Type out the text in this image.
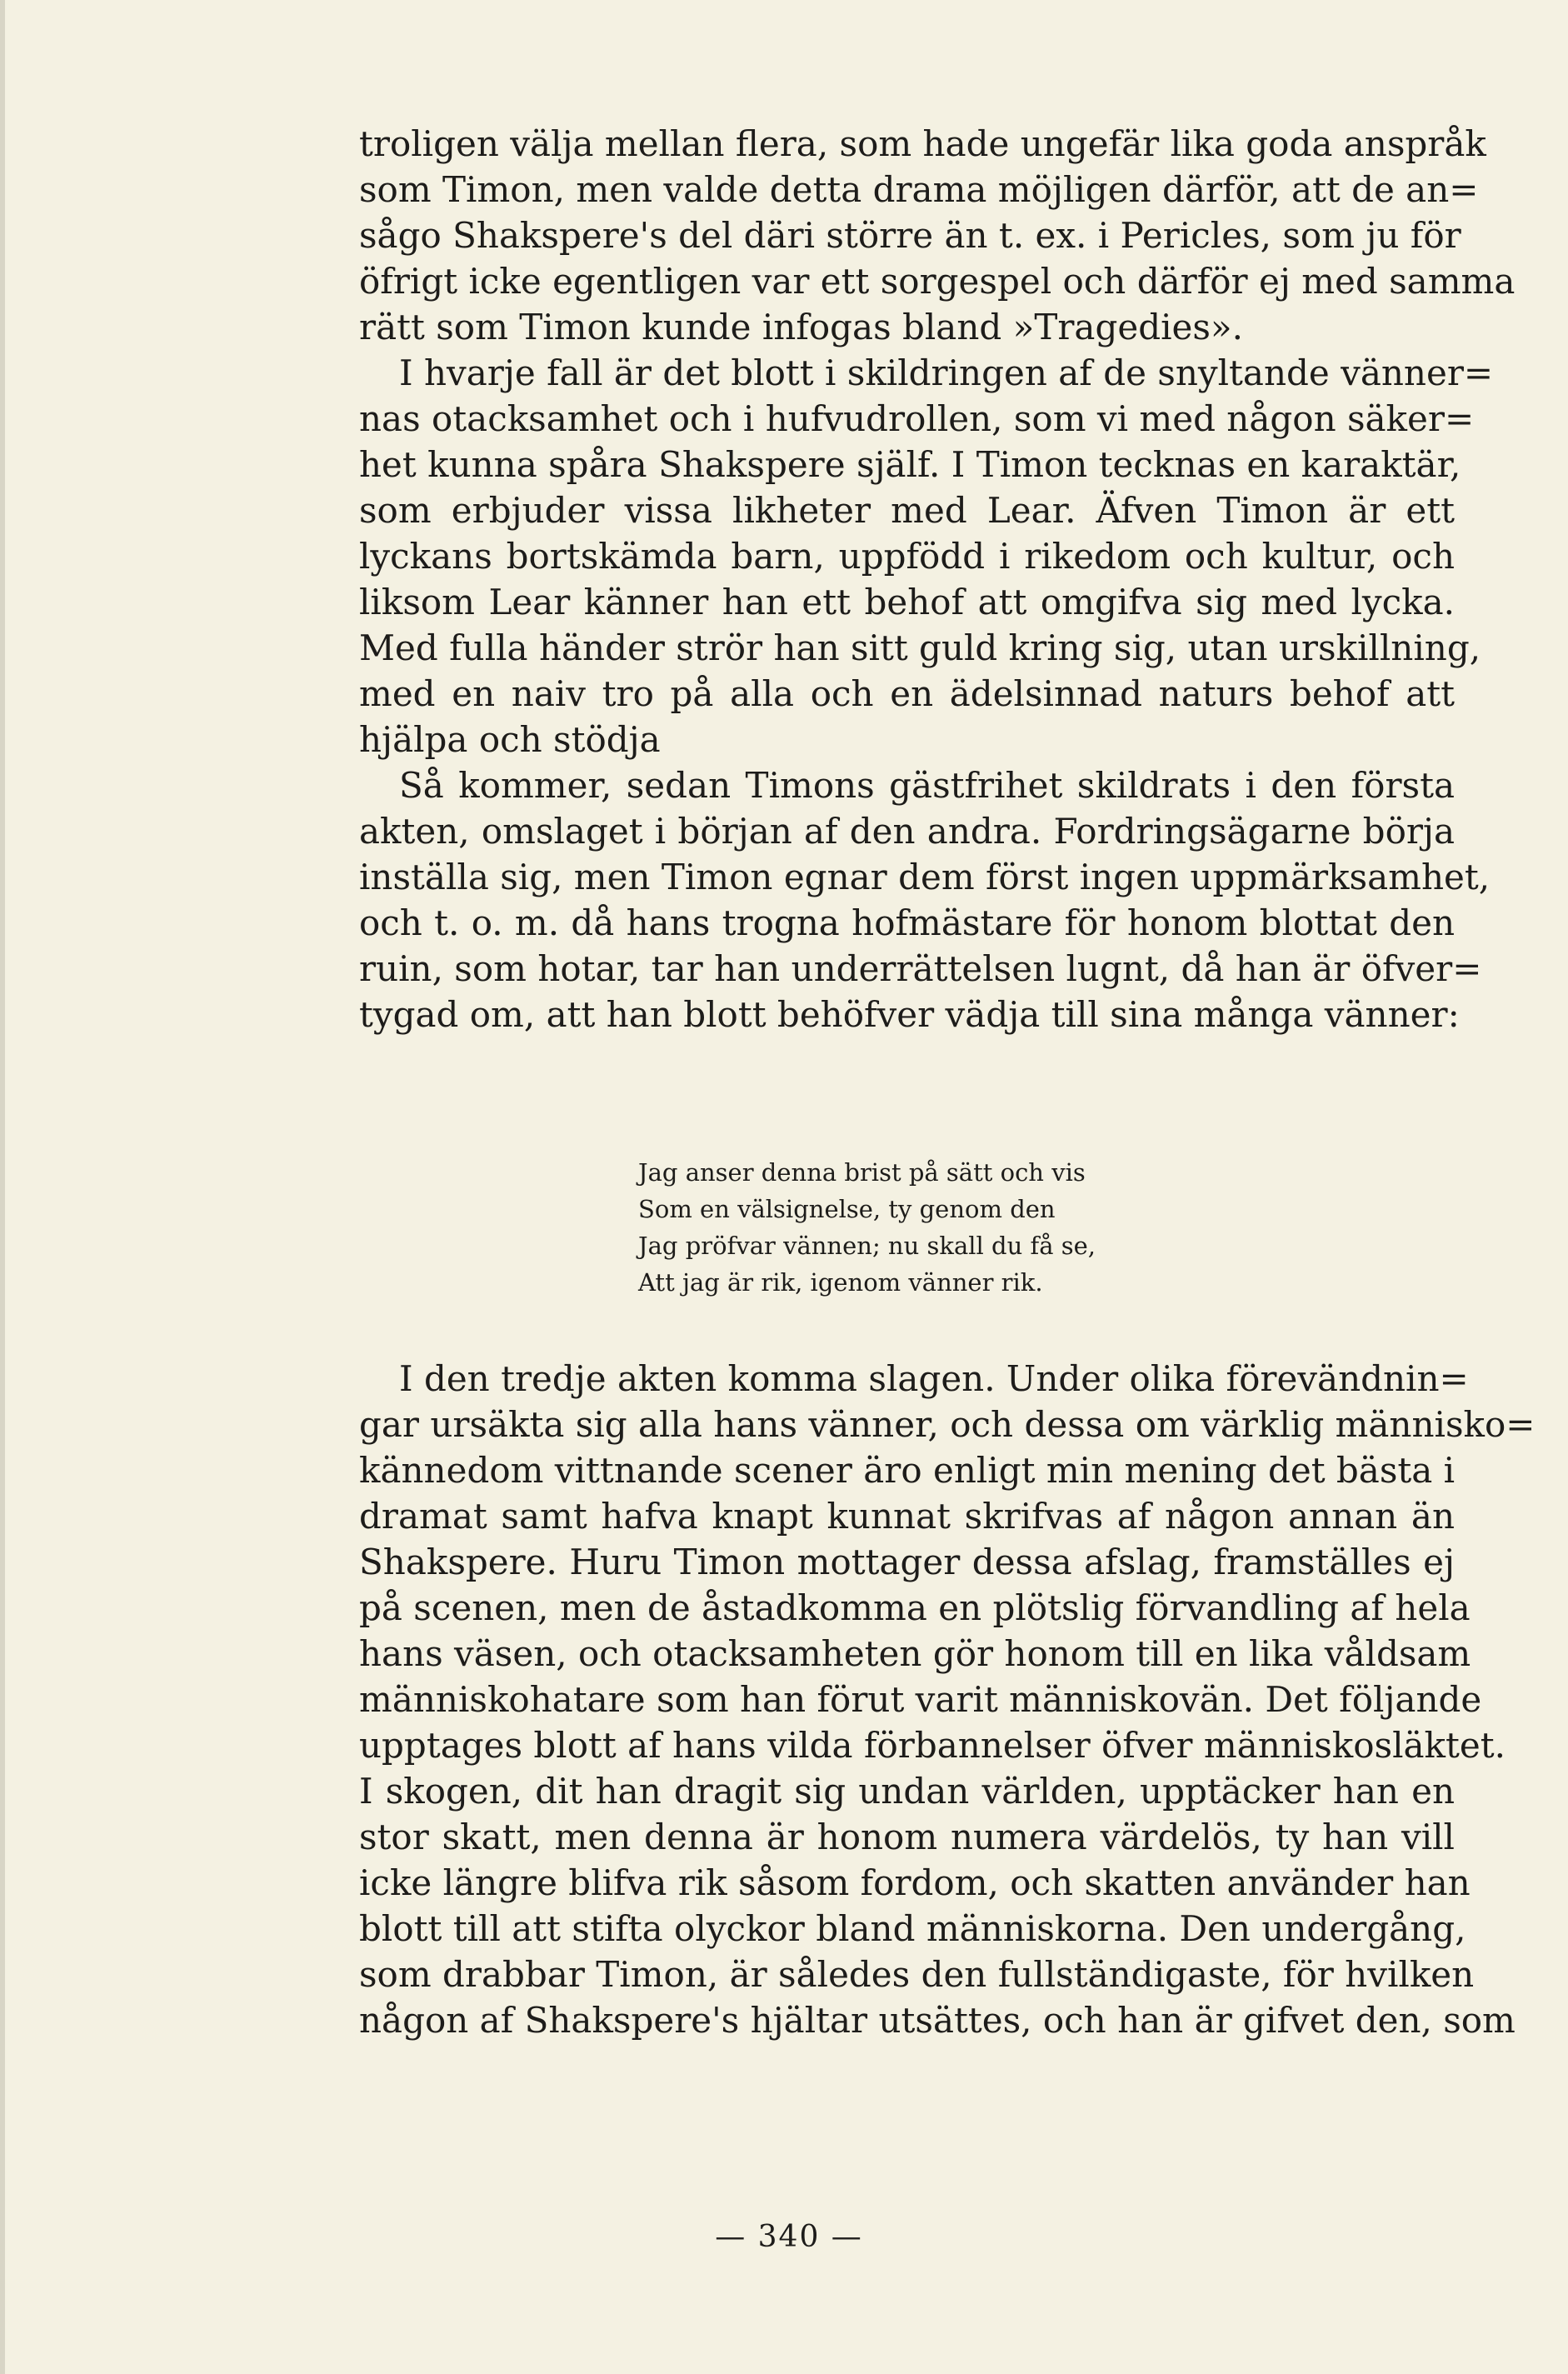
troligen välja mellan flera, som hade ungefär lika goda anspråk
som Timon, men valde detta drama möjligen därför, att de an=
sågo Shakspere's del däri större än t. ex. i Pericles, som ju för
öfrigt icke egentligen var ett sorgespel och därför ej med samma
rätt som Timon kunde infogas bland »Tragedies».
I hvarje fall är det blott i skildringen af de snyltande vänner=
nas otacksamhet och i hufvudrollen, som vi med någon säker=
het kunna spåra Shakspere själf. I Timon tecknas en karaktär,
som erbjuder vissa likheter med Lear. Äfven Timon är ett
lyckans bortskämda barn, uppfödd i rikedom och kultur, och
liksom Lear känner han ett behof att omgifva sig med lycka.
Med fulla händer strör han sitt guld kring sig, utan urskillning,
med en naiv tro på alla och en ädelsinnad naturs behof att
hjälpa och stödja
Så kommer, sedan Timons gästfrihet skildrats i den första
akten, omslaget i början af den andra. Fordringsägarne börja
inställa sig, men Timon egnar dem först ingen uppmärksamhet,
och t. o. m. då hans trogna hofmästare för honom blottat den
ruin, som hotar, tar han underrättelsen lugnt, då han är öfver=
tygad om, att han blott behöfver vädja till sina många vänner:
Jag anser denna brist på sätt och vis
Som en välsignelse, ty genom den
Jag pröfvar vännen; nu skall du få se,
Att jag är rik, igenom vänner rik.
I den tredje akten komma slagen. Under olika förevändnin=
gar ursäkta sig alla hans vänner, och dessa om värklig människo=
kännedom vittnande scener äro enligt min mening det bästa i
dramat samt hafva knapt kunnat skrifvas af någon annan än
Shakspere. Huru Timon mottager dessa afslag, framställes ej
på scenen, men de åstadkomma en plötslig förvandling af hela
hans väsen, och otacksamheten gör honom till en lika våldsam
människohatare som han förut varit människovän. Det följande
upptages blott af hans vilda förbannelser öfver människosläktet.
I skogen, dit han dragit sig undan världen, upptäcker han en
stor skatt, men denna är honom numera värdelös, ty han vill
icke längre blifva rik såsom fordom, och skatten använder han
blott till att stifta olyckor bland människorna. Den undergång,
som drabbar Timon, är således den fullständigaste, för hvilken
någon af Shakspere's hjältar utsättes, och han är gifvet den, som
— 340 —
